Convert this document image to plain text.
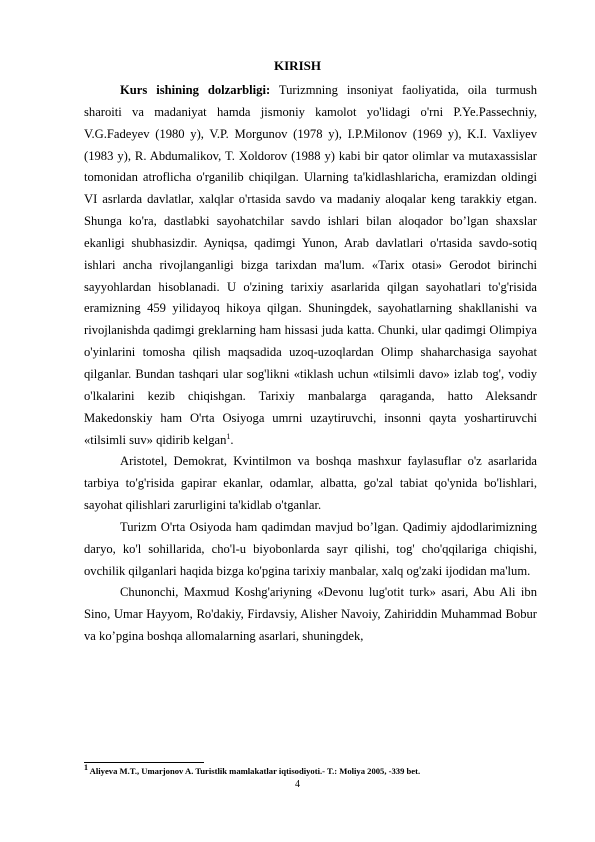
KIRISH

Kurs ishining dolzarbligi: Turizmning insoniyat faoliyatida, oila turmush sharoiti va madaniyat hamda jismoniy kamolot yo'lidagi o'rni P.Ye.Passechniy, V.G.Fadeyev (1980 y), V.P. Morgunov (1978 y), I.P.Milonov (1969 y), K.I. Vaxliyev (1983 y), R. Abdumalikov, T. Xoldorov (1988 y) kabi bir qator olimlar va mutaxassislar tomonidan atroflicha o'rganilib chiqilgan. Ularning ta'kidlashlaricha, eramizdan oldingi VI asrlarda davlatlar, xalqlar o'rtasida savdo va madaniy aloqalar keng tarakkiy etgan. Shunga ko'ra, dastlabki sayohatchilar savdo ishlari bilan aloqador bo’lgan shaxslar ekanligi shubhasizdir. Ayniqsa, qadimgi Yunon, Arab davlatlari o'rtasida savdo-sotiq ishlari ancha rivojlanganligi bizga tarixdan ma'lum. «Tarix otasi» Gerodot birinchi sayyohlardan hisoblanadi. U o'zining tarixiy asarlarida qilgan sayohatlari to'g'risida eramizning 459 yilidayoq hikoya qilgan. Shuningdek, sayohatlarning shakllanishi va rivojlanishda qadimgi greklarning ham hissasi juda katta. Chunki, ular qadimgi Olimpiya o'yinlarini tomosha qilish maqsadida uzoq-uzoqlardan Olimp shaharchasiga sayohat qilganlar. Bundan tashqari ular sog'likni «tiklash uchun «tilsimli davo» izlab tog', vodiy o'lkalarini kezib chiqishgan. Tarixiy manbalarga qaraganda, hatto Aleksandr Makedonskiy ham O'rta Osiyoga umrni uzaytiruvchi, insonni qayta yoshartiruvchi «tilsimli suv» qidirib kelgan$^1$.

Aristotel, Demokrat, Kvintilmon va boshqa mashxur faylasuflar o'z asarlarida tarbiya to'g'risida gapirar ekanlar, odamlar, albatta, go'zal tabiat qo'ynida bo'lishlari, sayohat qilishlari zarurligini ta'kidlab o'tganlar.

Turizm O'rta Osiyoda ham qadimdan mavjud bo’lgan. Qadimiy ajdodlarimizning daryo, ko'l sohillarida, cho'l-u biyobonlarda sayr qilishi, tog' cho'qqilariga chiqishi, ovchilik qilganlari haqida bizga ko'pgina tarixiy manbalar, xalq og'zaki ijodidan ma'lum.

Chunonchi, Maxmud Koshg'ariyning «Devonu lug'otit turk» asari, Abu Ali ibn Sino, Umar Hayyom, Ro'dakiy, Firdavsiy, Alisher Navoiy, Zahiriddin Muhammad Bobur va ko’pgina boshqa allomalarning asarlari, shuningdek,

$^1$ Aliyeva M.T., Umarjonov A. Turistlik mamlakatlar iqtisodiyoti.- T.: Moliya 2005, -339 bet.
4
